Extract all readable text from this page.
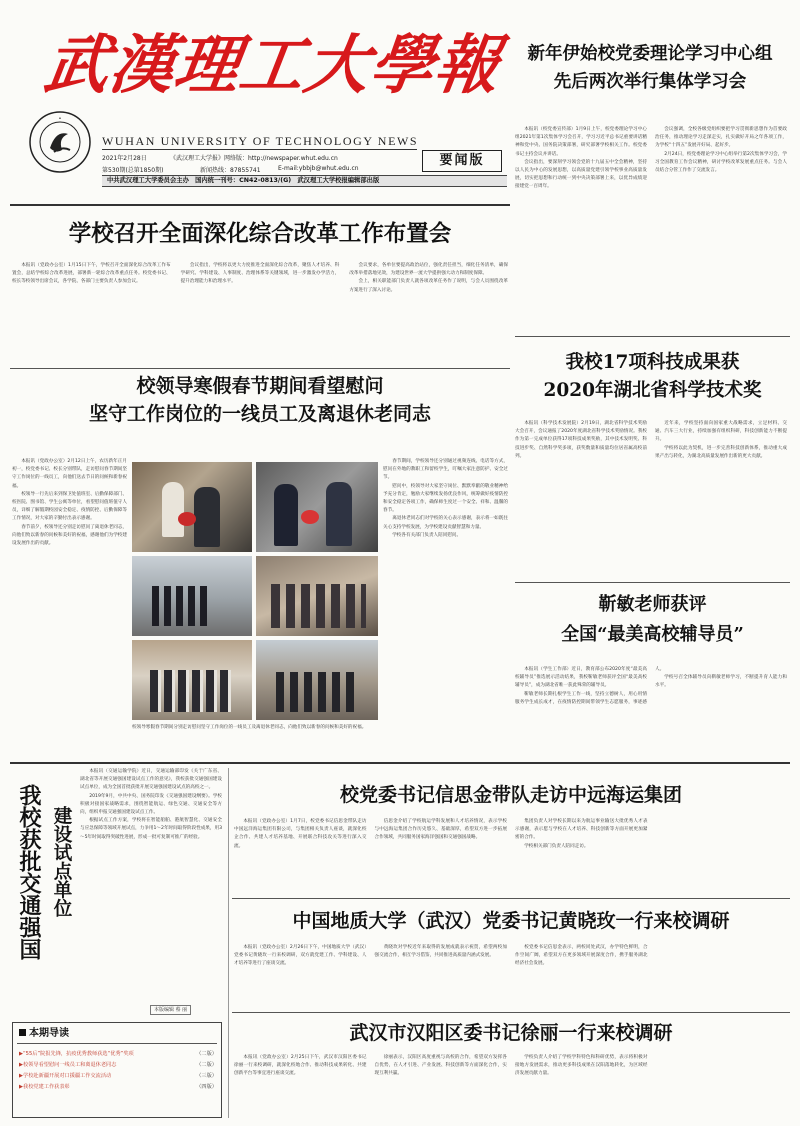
武漢理工大學報
•
WUHAN UNIVERSITY OF TECHNOLOGY NEWS
2021年2月28日	《武汉理工大学报》网络版：http://newspaper.whut.edu.cn
第530期(总第1850期)	新闻热线：87855741	E-mail:ybbjb@whut.edu.cn
要闻版
中共武汉理工大学委员会主办 国内统一刊号：CN42-0813/(G) 武汉理工大学校报编辑部出版
新年伊始校党委理论学习中心组
先后两次举行集体学习会

本报讯（校党委宣传部）1月9日上午，校党委理论学习中心组2021年第1次集体学习会召开，学习习近平总书记重要讲话精神和党中央、国务院决策部署，研究部署学校相关工作。校党委书记主持会议并讲话。

会议指出，要深刻学习领会党的十九届五中全会精神，坚持以人民为中心的发展思想，以高质量党建引领学校事业高质量发展，切实把思想和行动统一到中央决策部署上来，以优异成绩迎接建党一百周年。

会议强调，全校各级党组织要把学习贯彻新思想作为首要政治任务，推动理论学习走深走实，扎实做好开局之年各项工作，为学校“十四五”发展开好局、起好步。

2月24日，校党委理论学习中心组举行第2次集体学习会，学习全国教育工作会议精神，研讨学校改革发展重点任务。与会人员结合分管工作作了交流发言。

学校召开全面深化综合改革工作布置会

本报讯（党政办公室）1月15日下午，学校召开全面深化综合改革工作布置会，总结学校综合改革进展，部署新一轮综合改革重点任务。校党委书记、校长等校领导出席会议，各学院、各部门主要负责人参加会议。

会议指出，学校将以更大力度推进全面深化综合改革，聚焦人才培养、科学研究、学科建设、人事制度、治理体系等关键领域，进一步激发办学活力，提升治理能力和治理水平。

会议要求，各单位要提高政治站位，强化责任担当，细化任务清单，确保改革举措落地见效，为建设世界一流大学提供强大动力和制度保障。

会上，相关职能部门负责人就各项改革任务作了说明，与会人员围绕改革方案进行了深入讨论。

我校17项科技成果获
2020年湖北省科学技术奖

本报讯（科学技术发展院）2月19日，湖北省科学技术奖励大会召开，会议通报了2020年度湖北省科学技术奖励情况。我校作为第一完成单位获得17项科技成果奖励，其中技术发明奖、科技进步奖、自然科学奖多项，获奖数量和质量均位居省属高校前列。

近年来，学校坚持面向国家重大战略需求，立足材料、交通、汽车三大行业，持续加强有组织科研，科技创新能力不断提升。

学校将以此为契机，进一步完善科技创新体系，推动重大成果产出与转化，为湖北高质量发展作出新的更大贡献。

校领导寒假春节期间看望慰问
坚守工作岗位的一线员工及离退休老同志

本报讯（党政办公室）2月12日上午，农历新年正月初一，校党委书记、校长分别带队，走访慰问春节期间坚守工作岗位的一线员工，向他们送去节日的问候和新春祝福。

校领导一行先后来到保卫处值班室、后勤保障部门、校医院、图书馆、学生公寓等单位，看望慰问值班值守人员，详细了解假期校园安全稳定、疫情防控、后勤保障等工作情况，对大家的辛勤付出表示感谢。

春节前夕，校领导还分别走访慰问了离退休老同志，向他们致以新春的问候和美好的祝福，感谢他们为学校建设发展作出的贡献。

校领导寒假春节期间分别走访慰问坚守工作岗位的一线员工及离退休老同志，向他们致以新春的问候和美好的祝福。

春节期间，学校领导还分别通过视频连线、电话等方式，慰问在外地的教职工和留校学生，叮嘱大家注意防护、安全过节。

慰问中，校领导对大家坚守岗位、默默奉献的敬业精神给予充分肯定，勉励大家继续发扬优良作风，统筹做好疫情防控和安全稳定各项工作，确保师生度过一个安全、祥和、温馨的春节。

离退休老同志们对学校的关心表示感谢，表示将一如既往关心支持学校发展，为学校建设贡献智慧和力量。

学校各有关部门负责人陪同慰问。

靳敏老师获评
全国“最美高校辅导员”

本报讯（学生工作部）近日，教育部公布2020年度“最美高校辅导员”推选展示活动结果，我校靳敏老师获评全国“最美高校辅导员”，成为湖北省唯一获此殊荣的辅导员。

靳敏老师长期扎根学生工作一线，坚持立德树人，用心用情服务学生成长成才，在疫情防控期间带领学生志愿服务，事迹感人。

学校号召全体辅导员向靳敏老师学习，不断提升育人能力和水平。

我校获批交通强国 建设试点单位

本报讯（交通运输学院）近日，交通运输部印发《关于广东省、湖北省等开展交通强国建设试点工作的意见》，我校获批交通强国建设试点单位，成为全国首批获批开展交通强国建设试点的高校之一。

2019年9月，中共中央、国务院印发《交通强国建设纲要》。学校积极对接国家战略需求，围绕智能航运、绿色交通、交通安全等方向，组织申报交通强国建设试点工作。

根据试点工作方案，学校将在智能船舶、港航智慧化、交通安全与应急保障等领域开展试点，力争用1～2年时间取得阶段性成果，用3～5年时间取得突破性进展，形成一批可复制可推广的经验。

本版编辑 蔡 丽
本期导读
▶“55后”院报先锋，抗疫优秀教师获选“优秀”奖项	（二版）
▶校领导看望慰问一线员工和离退休老同志	（二版）
▶学校赴新疆开展对口援疆工作交流活动	（三版）
▶我校党建工作获表彰	（四版）
校党委书记信思金带队走访中远海运集团

本报讯（党政办公室）1月7日，校党委书记信思金带队走访中国远洋海运集团有限公司，与集团相关负责人座谈，就深化校企合作、共建人才培养基地、开展联合科技攻关等进行深入交流。

信思金介绍了学校航运学科发展和人才培养情况，表示学校与中远海运集团合作历史悠久、基础深厚，希望双方进一步拓展合作领域，共同服务国家海洋强国和交通强国战略。

集团负责人对学校长期以来为航运事业输送大批优秀人才表示感谢，表示愿与学校在人才培养、科技创新等方面开展更加紧密的合作。

学校相关部门负责人陪同走访。

中国地质大学（武汉）党委书记黄晓玫一行来校调研

本报讯（党政办公室）2月26日下午，中国地质大学（武汉）党委书记黄晓玫一行来校调研，双方就党建工作、学科建设、人才培养等进行了座谈交流。

黄晓玫对学校近年来取得的发展成就表示祝贺，希望两校加强交流合作，相互学习借鉴，共同推进高质量内涵式发展。

校党委书记信思金表示，两校同处武汉，办学特色鲜明，合作空间广阔，希望双方在更多领域开展深度合作，携手服务湖北经济社会发展。

武汉市汉阳区委书记徐丽一行来校调研

本报讯（党政办公室）2月25日下午，武汉市汉阳区委书记徐丽一行来校调研，就深化校地合作、推动科技成果转化、共建创新平台等事宜进行座谈交流。

徐丽表示，汉阳区高度重视与高校的合作，希望双方发挥各自优势，在人才引进、产业发展、科技创新等方面深化合作，实现互利共赢。

学校负责人介绍了学校学科特色和科研优势，表示将积极对接地方发展需求，推动更多科技成果在汉阳落地转化，为区域经济发展贡献力量。
